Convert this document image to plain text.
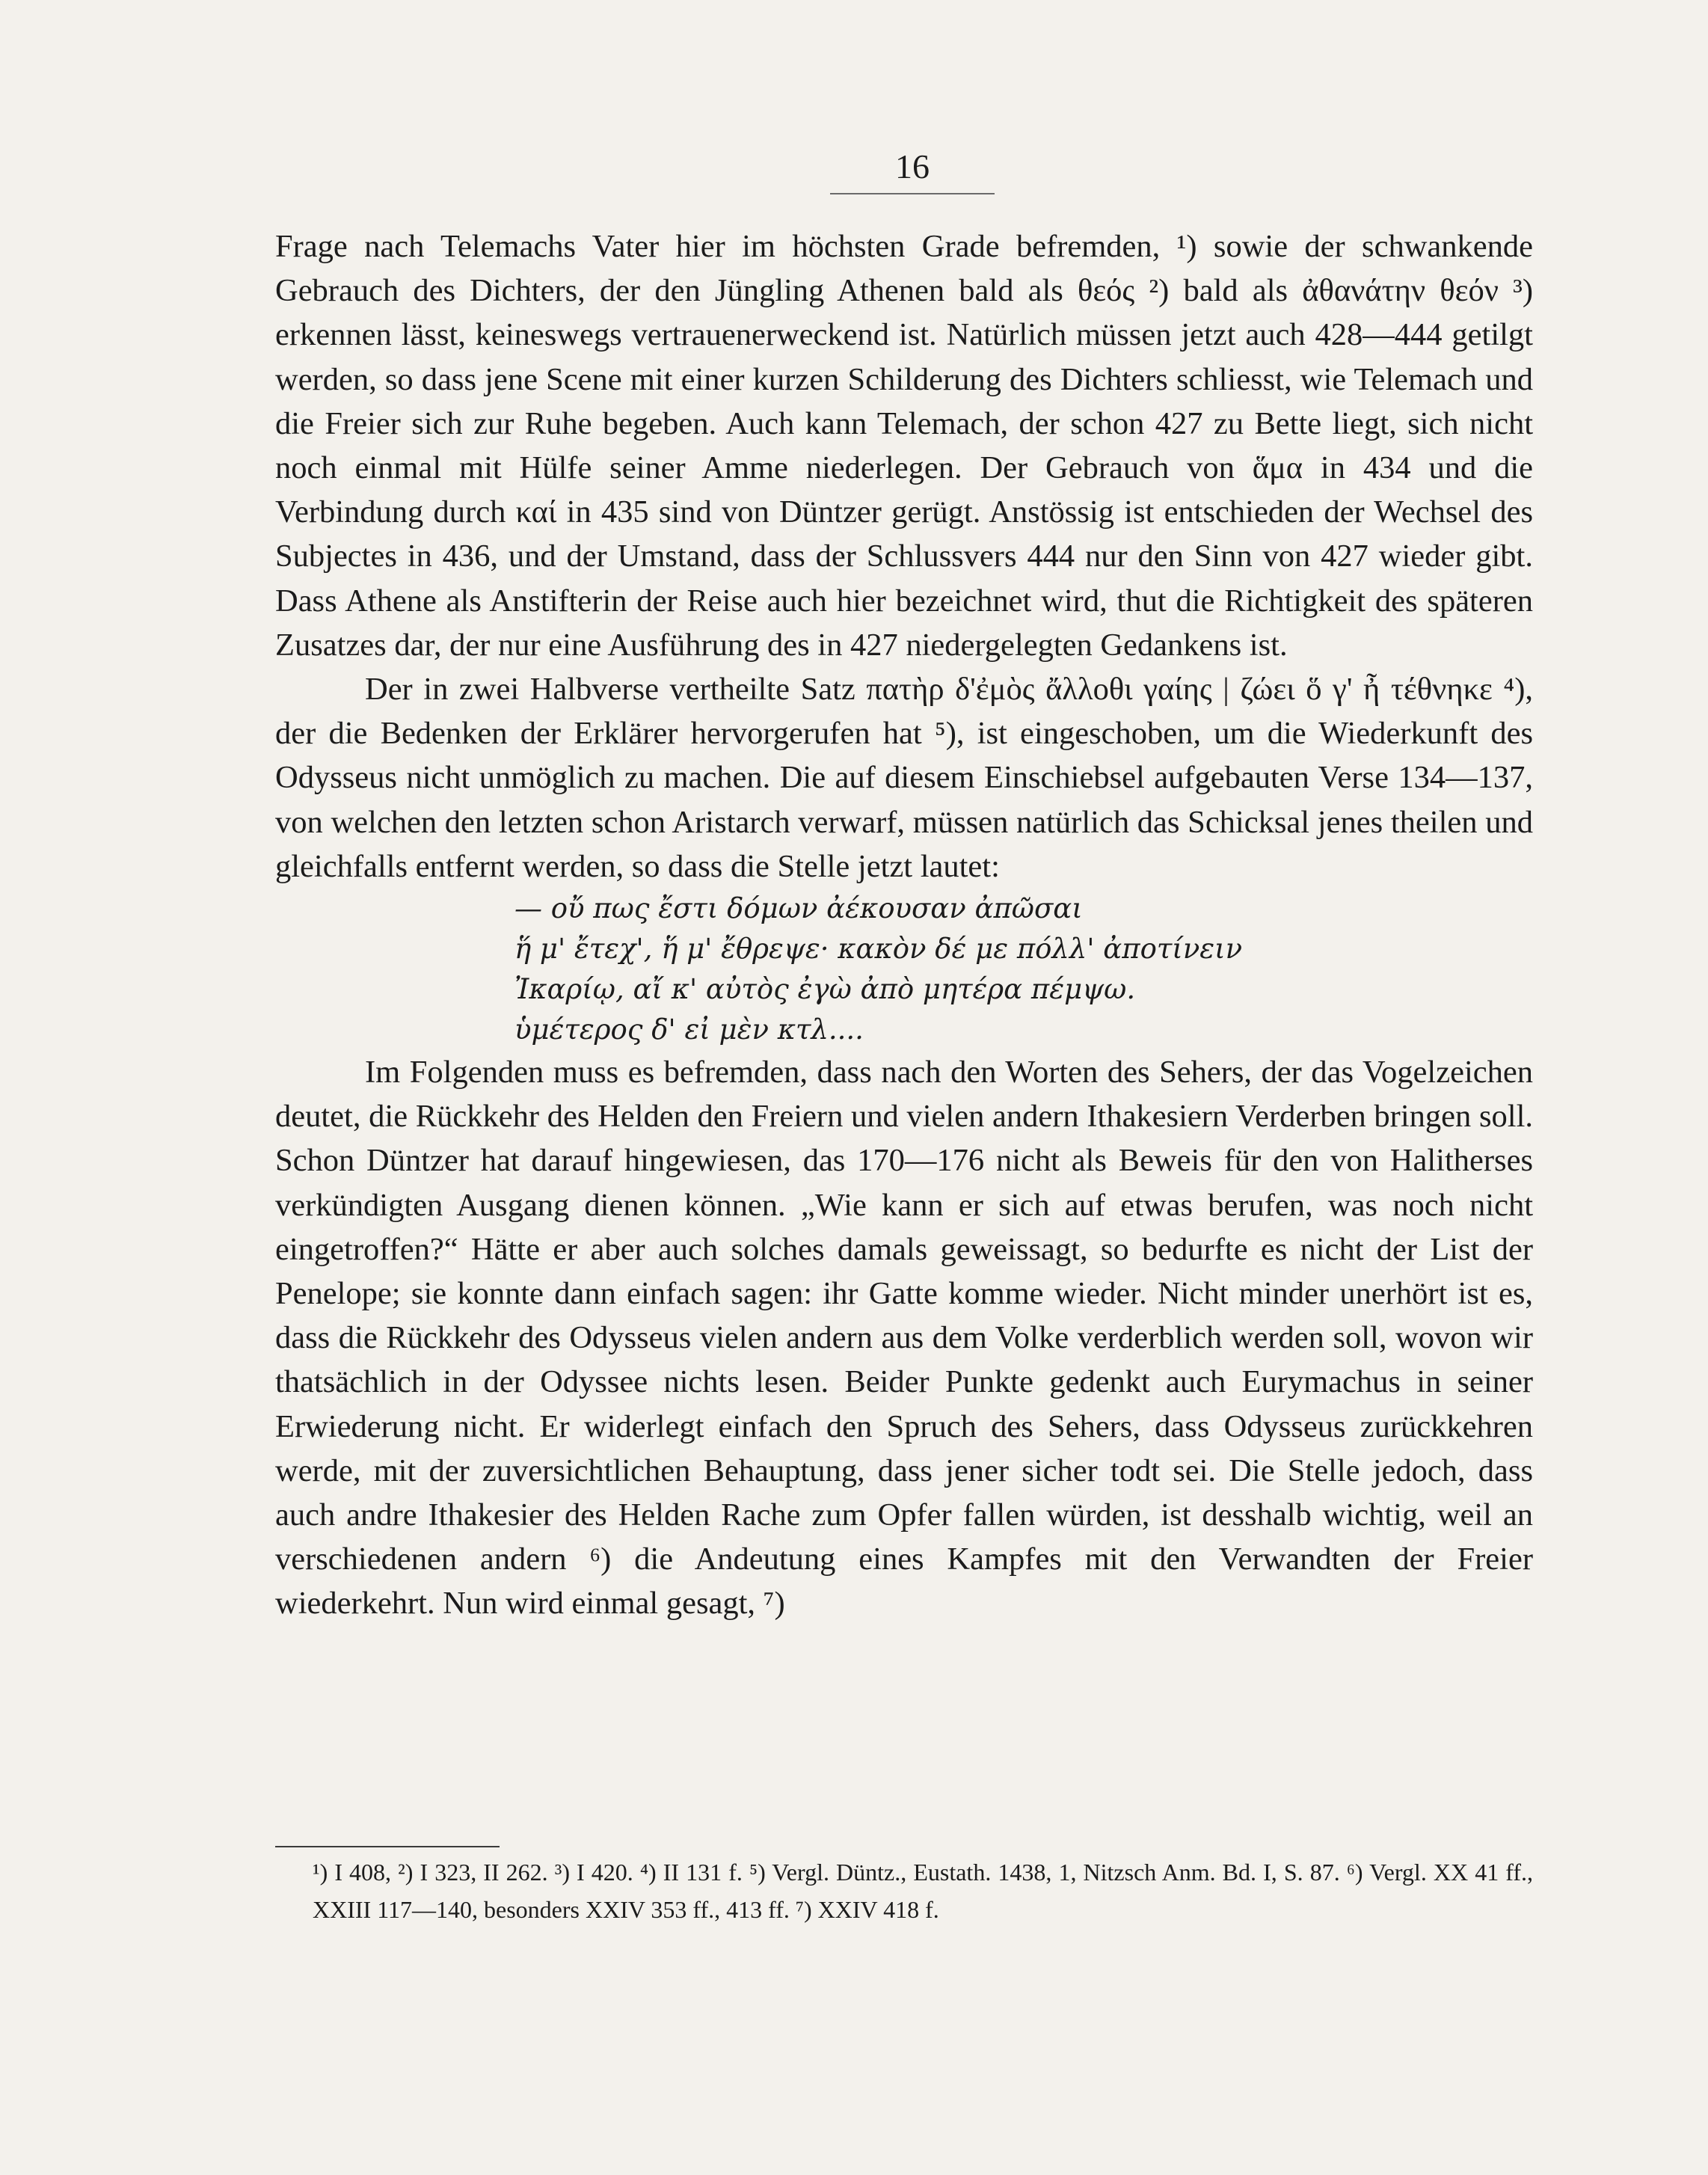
16

Frage nach Telemachs Vater hier im höchsten Grade befremden, ¹) sowie der schwankende Gebrauch des Dichters, der den Jüngling Athenen bald als θεός ²) bald als ἀθανάτην θεόν ³) erkennen lässt, keineswegs vertrauenerweckend ist. Natürlich müssen jetzt auch 428—444 getilgt werden, so dass jene Scene mit einer kurzen Schilderung des Dichters schliesst, wie Telemach und die Freier sich zur Ruhe begeben. Auch kann Telemach, der schon 427 zu Bette liegt, sich nicht noch einmal mit Hülfe seiner Amme niederlegen. Der Gebrauch von ἅμα in 434 und die Verbindung durch καί in 435 sind von Düntzer gerügt. Anstössig ist entschieden der Wechsel des Subjectes in 436, und der Umstand, dass der Schlussvers 444 nur den Sinn von 427 wieder gibt. Dass Athene als Anstifterin der Reise auch hier bezeichnet wird, thut die Richtigkeit des späteren Zusatzes dar, der nur eine Ausführung des in 427 niedergelegten Gedankens ist.

Der in zwei Halbverse vertheilte Satz πατὴρ δ'ἐμὸς ἄλλοθι γαίης | ζώει ὅ γ' ἦ τέθνηκε ⁴), der die Bedenken der Erklärer hervorgerufen hat ⁵), ist eingeschoben, um die Wiederkunft des Odysseus nicht unmöglich zu machen. Die auf diesem Einschiebsel aufgebauten Verse 134—137, von welchen den letzten schon Aristarch verwarf, müssen natürlich das Schicksal jenes theilen und gleichfalls entfernt werden, so dass die Stelle jetzt lautet:

— οὔ πως ἔστι δόμων ἀέκουσαν ἀπῶσαι
ἥ μ' ἔτεχ', ἥ μ' ἔθρεψε· κακὸν δέ με πόλλ' ἀποτίνειν
Ἰκαρίῳ, αἴ κ' αὐτὸς ἐγὼ ἀπὸ μητέρα πέμψω.
ὑμέτερος δ' εἰ μὲν κτλ....

Im Folgenden muss es befremden, dass nach den Worten des Sehers, der das Vogelzeichen deutet, die Rückkehr des Helden den Freiern und vielen andern Ithakesiern Verderben bringen soll. Schon Düntzer hat darauf hingewiesen, das 170—176 nicht als Beweis für den von Halitherses verkündigten Ausgang dienen können. „Wie kann er sich auf etwas berufen, was noch nicht eingetroffen?“ Hätte er aber auch solches damals geweissagt, so bedurfte es nicht der List der Penelope; sie konnte dann einfach sagen: ihr Gatte komme wieder. Nicht minder unerhört ist es, dass die Rückkehr des Odysseus vielen andern aus dem Volke verderblich werden soll, wovon wir thatsächlich in der Odyssee nichts lesen. Beider Punkte gedenkt auch Eurymachus in seiner Erwiederung nicht. Er widerlegt einfach den Spruch des Sehers, dass Odysseus zurückkehren werde, mit der zuversichtlichen Behauptung, dass jener sicher todt sei. Die Stelle jedoch, dass auch andre Ithakesier des Helden Rache zum Opfer fallen würden, ist desshalb wichtig, weil an verschiedenen andern ⁶) die Andeutung eines Kampfes mit den Verwandten der Freier wiederkehrt. Nun wird einmal gesagt, ⁷)

¹) I 408, ²) I 323, II 262. ³) I 420. ⁴) II 131 f. ⁵) Vergl. Düntz., Eustath. 1438, 1, Nitzsch Anm. Bd. I, S. 87. ⁶) Vergl. XX 41 ff., XXIII 117—140, besonders XXIV 353 ff., 413 ff. ⁷) XXIV 418 f.
